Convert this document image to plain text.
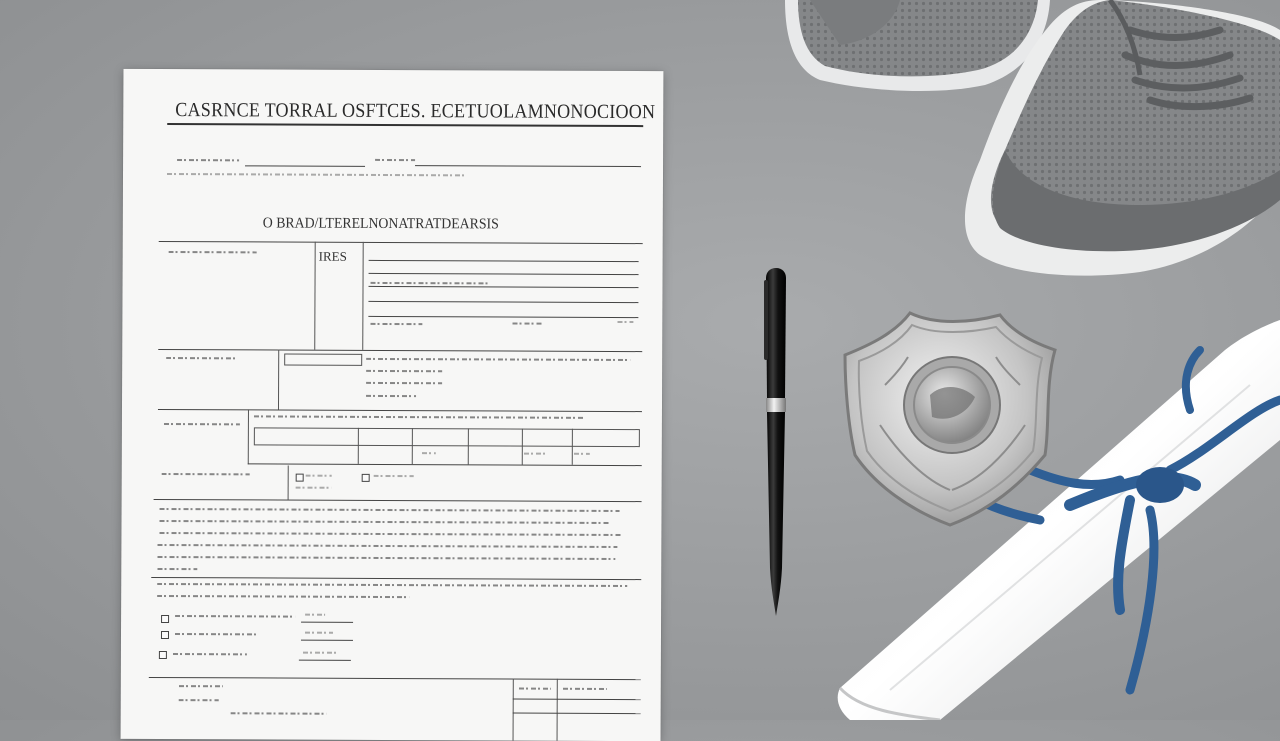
CASRNCE TORRAL OSFTCES. ECETUOLAMNONOCIOON
O BRAD/LTERELNONATRATDEARSIS
IRES
